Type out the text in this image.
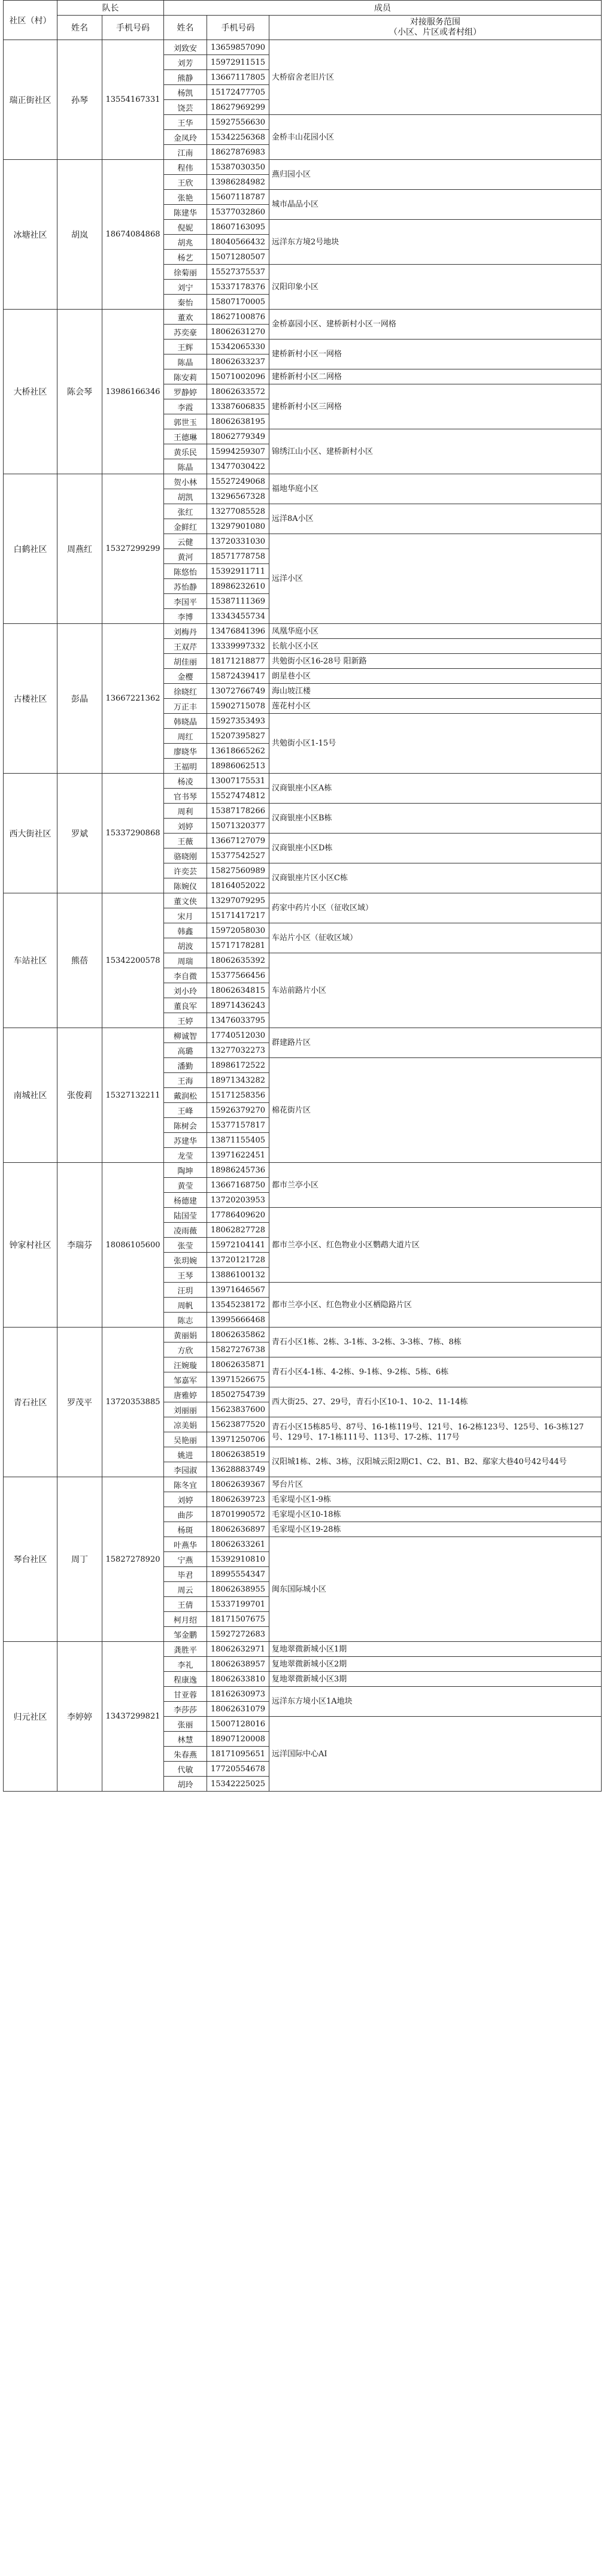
社区（村）	队长		成员		
	姓名	手机号码	姓名	手机号码	对接服务范围
（小区、片区或者村组）
瑞正街社区	孙琴	13554167331	刘致安	13659857090	大桥宿舍老旧片区
			刘芳	15972911515	
			熊静	13667117805	
			杨凯	15172477705	
			饶芸	18627969299	
			王华	15927556630	金桥丰山花园小区
			金凤玲	15342256368	
			江南	18627876983	
冰塘社区	胡岚	18674084868	程伟	15387030350	燕归园小区
			王欣	13986284982	
			张艳	15607118787	城市晶品小区
			陈建华	15377032860	
			倪妮	18607163095	远洋东方境2号地块
			胡兆	18040566432	
			杨艺	15071280507	
			徐菊丽	15527375537	汉阳印象小区
			刘宁	15337178376	
			秦怡	15807170005	
大桥社区	陈会琴	13986166346	董欢	18627100876	金桥嘉园小区、建桥新村小区一网格
			苏奕豪	18062631270	
			王辉	15342065330	建桥新村小区一网格
			陈晶	18062633237	
			陈安莉	15071002096	建桥新村小区二网格
			罗静婷	18062633572	建桥新村小区三网格
			李霞	13387606835	
			郭世玉	18062638195	
			王德琳	18062779349	锦绣江山小区、建桥新村小区
			黄乐民	15994259307	
			陈晶	13477030422	
白鹤社区	周燕红	15327299299	贺小林	15527249068	福地华庭小区
			胡凯	13296567328	
			张红	13277085528	远洋8A小区
			金鲜红	13297901080	
			云健	13720331030	远洋小区
			黄河	18571778758	
			陈悠怡	15392911711	
			苏怡静	18986232610	
			李国平	15387111369	
			李博	13343455734	
古楼社区	彭晶	13667221362	刘梅丹	13476841396	凤凰华庭小区
			王双芹	13339997332	长航小区小区
			胡佳丽	18171218877	共勉街小区16-28号 阳新路
			金樱	15872439417	朗星巷小区
			徐晓红	13072766749	海山坡江楼
			万正丰	15902715078	莲花村小区
			韩晓晶	15927353493	共勉街小区1-15号
			周红	15207395827	
			廖晓华	13618665262	
			王福明	18986062513	
西大街社区	罗斌	15337290868	杨凌	13007175531	汉商银座小区A栋
			官书琴	15527474812	
			周利	15387178266	汉商银座小区B栋
			刘婷	15071320377	
			王薇	13667127079	汉商银座小区D栋
			骆晓刚	15377542527	
			许奕芸	15827560989	汉商银座片区小区C栋
			陈婉仪	18164052022	
车站社区	熊蓓	15342200578	董文侠	13297079295	药家中药片小区（征收区域）
			宋月	15171417217	
			韩鑫	15972058030	车站片小区（征收区域）
			胡波	15717178281	
			周瑞	18062635392	车站前路片小区
			李自微	15377566456	
			刘小玲	18062634815	
			董良军	18971436243	
			王婷	13476033795	
南城社区	张俊莉	15327132211	柳诚智	17740512030	群建路片区
			高璐	13277032273	
			潘勤	18986172522	棉花街片区
			王海	18971343282	
			戴润松	15171258356	
			王峰	15926379270	
			陈树会	15377157817	
			苏建华	13871155405	
			龙莹	13971622451	
钟家村社区	李瑞芬	18086105600	陶坤	18986245736	都市兰亭小区
			黄莹	13667168750	
			杨德建	13720203953	
			陆国莹	17786409620	都市兰亭小区、红色物业小区鹦鹉大道片区
			凌雨薇	18062827728	
			张莹	15972104141	
			张玥婉	13720121728	
			王琴	13886100132	
			汪玥	13971646567	都市兰亭小区、红色物业小区栖隐路片区
			周帆	13545238172	
			陈志	13995666468	
青石社区	罗茂平	13720353885	黄丽娟	18062635862	青石小区1栋、2栋、3-1栋、3-2栋、3-3栋、7栋、8栋
			方欣	15827276738	
			汪婉璇	18062635871	青石小区4-1栋、4-2栋、9-1栋、9-2栋、5栋、6栋
			邹嘉军	13971526675	
			唐雅婷	18502754739	西大街25、27、29号，青石小区10-1、10-2、11-14栋
			刘丽丽	15623837600	
			凉美娟	15623877520	青石小区15栋85号、87号、16-1栋119号、121号、16-2栋123号、125号、16-3栋127号、129号、17-1栋111号、113号、17-2栋、117号
			吴艳丽	13971250706	
			姚进	18062638519	汉阳城1栋、2栋、3栋，汉阳城云阳2期C1、C2、B1、B2、鄢家大巷40号42号44号
			李园淑	13628883749	
琴台社区	周丁	15827278920	陈冬宜	18062639367	琴台片区
			刘婷	18062639723	毛家堤小区1-9栋
			曲莎	18701990572	毛家堤小区10-18栋
			杨斑	18062636897	毛家堤小区19-28栋
			叶燕华	18062633261	闽东国际城小区
			宁燕	15392910810	
			毕君	18995554347	
			周云	18062638955	
			王倩	15337199701	
			柯月绍	18171507675	
			邹金鹏	15927272683	
归元社区	李婷婷	13437299821	龚胜平	18062632971	复地翠微新城小区1期
			李礼	18062638957	复地翠微新城小区2期
			程康逸	18062633810	复地翠微新城小区3期
			甘亚蓉	18162630973	远洋东方境小区1A地块
			李莎莎	18062631079	
			张丽	15007128016	远洋国际中心AI
			林慧	18907120008	
			朱春燕	18171095651	
			代敏	17720554678	
			胡玲	15342225025	
